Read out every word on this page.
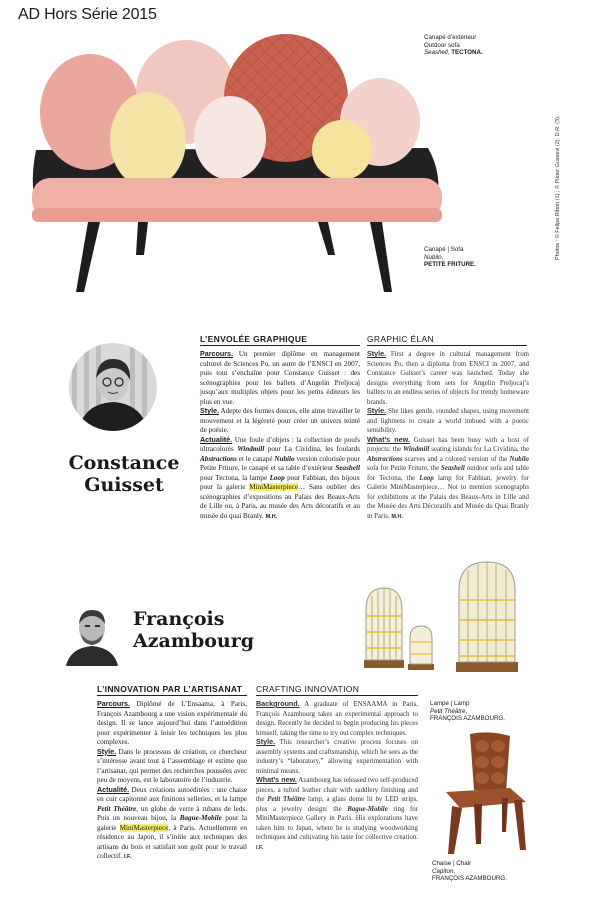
AD Hors Série 2015
Canapé d’extérieur
Outdoor sofa
Seashell, TECTONA.
Canapé | Sofa
Nubilo,
PETITE FRITURE.
Photos : © Felipe Ribon (1) ; © Pieter Gussevi (2). D.R. (3).
Constance
Guisset
L’ENVOLÉE GRAPHIQUE	GRAPHIC ÉLAN

Parcours. Un premier diplôme en management culturel de Sciences Po, un autre de l’ENSCI en 2007, puis tout s’enchaîne pour Constance Guisset : des scénographies pour les ballets d’Angelin Preljocaj jusqu’aux multiples objets pour les petits éditeurs les plus en vue.

Style. Adepte des formes douces, elle aime travailler le mouvement et la légèreté pour créer un univers teinté de poésie.

Actualité. Une foule d’objets : la collection de poufs ultracolorés Windmill pour La Cividina, les foulards Abstractions et le canapé Nubilo version colorisée pour Petite Friture, le canapé et sa table d’extérieur Seashell pour Tectona, la lampe Loop pour Fabbian, des bijoux pour la galerie MiniMasterpiece… Sans oublier des scénographies d’expositions au Palais des Beaux-Arts de Lille ou, à Paris, au musée des Arts décoratifs et au musée du quai Branly. M.H.

Style. First a degree in cultural management from Sciences Po, then a diploma from ENSCI in 2007, and Constance Guisset’s career was launched. Today she designs everything from sets for Angelin Preljocaj’s ballets to an endless series of objects for trendy homeware brands.

Style. She likes gentle, rounded shapes, using movement and lightness to create a world imbued with a poetic sensibility.

What’s new. Guisset has been busy with a host of projects: the Windmill seating islands for La Cividina, the Abstractions scarves and a colored version of the Nubilo sofa for Petite Friture, the Seashell outdoor sofa and table for Tectona, the Loop lamp for Fabbian, jewelry for Galerie MiniMasterpiece… Not to mention scenographs for exhibitions at the Palais des Beaux-Arts in Lille and the Musée des Arts Décoratifs and Musée du Quai Branly in Paris. M.H.

François
Azambourg
L’INNOVATION PAR L’ARTISANAT CRAFTING INNOVATION

Parcours. Diplômé de L’Ensaama, à Paris, François Azambourg a une vision expérimentale du design. Il se lance aujourd’hui dans l’autoédition pour expérimenter à loisir les techniques les plus complexes.

Style. Dans le processus de création, ce chercheur s’intéresse avant tout à l’assemblage et estime que l’artisanat, qui permet des recherches poussées avec peu de moyens, est le laboratoire de l’industrie.

Actualité. Deux créations autoéditées : une chaise en cuir capitonné aux finitions selleries, et la lampe Petit Théâtre, un globe de verre à rubans de leds. Puis un nouveau bijou, la Bague-Mobile pour la galerie MiniMasterpiece, à Paris. Actuellement en résidence au Japon, il s’initie aux techniques des artisans du bois et satisfait son goût pour le travail collectif. I.F.

Background. A graduate of ENSAAMA in Paris, François Azambourg takes an experimental approach to design. Recently he decided to begin producing his pieces himself, taking the time to try out complex techniques.

Style. This researcher’s creative process focuses on assembly systems and craftsmanship, which he sees as the industry’s “laboratory,” allowing experimentation with minimal means.

What’s new. Azambourg has released two self-produced pieces, a tufted leather chair with saddlery finishing and the Petit Théâtre lamp, a glass dome lit by LED strips, plus a jewelry design: the Bague-Mobile ring for MiniMasterpiece Gallery in Paris. His explorations have taken him to Japan, where he is studying woodworking techniques and cultivating his taste for collective creation. I.F.

Lampe | Lamp
Petit Théâtre,
FRANÇOIS AZAMBOURG.
Chaise | Chair
Capiton,
FRANÇOIS AZAMBOURG.
